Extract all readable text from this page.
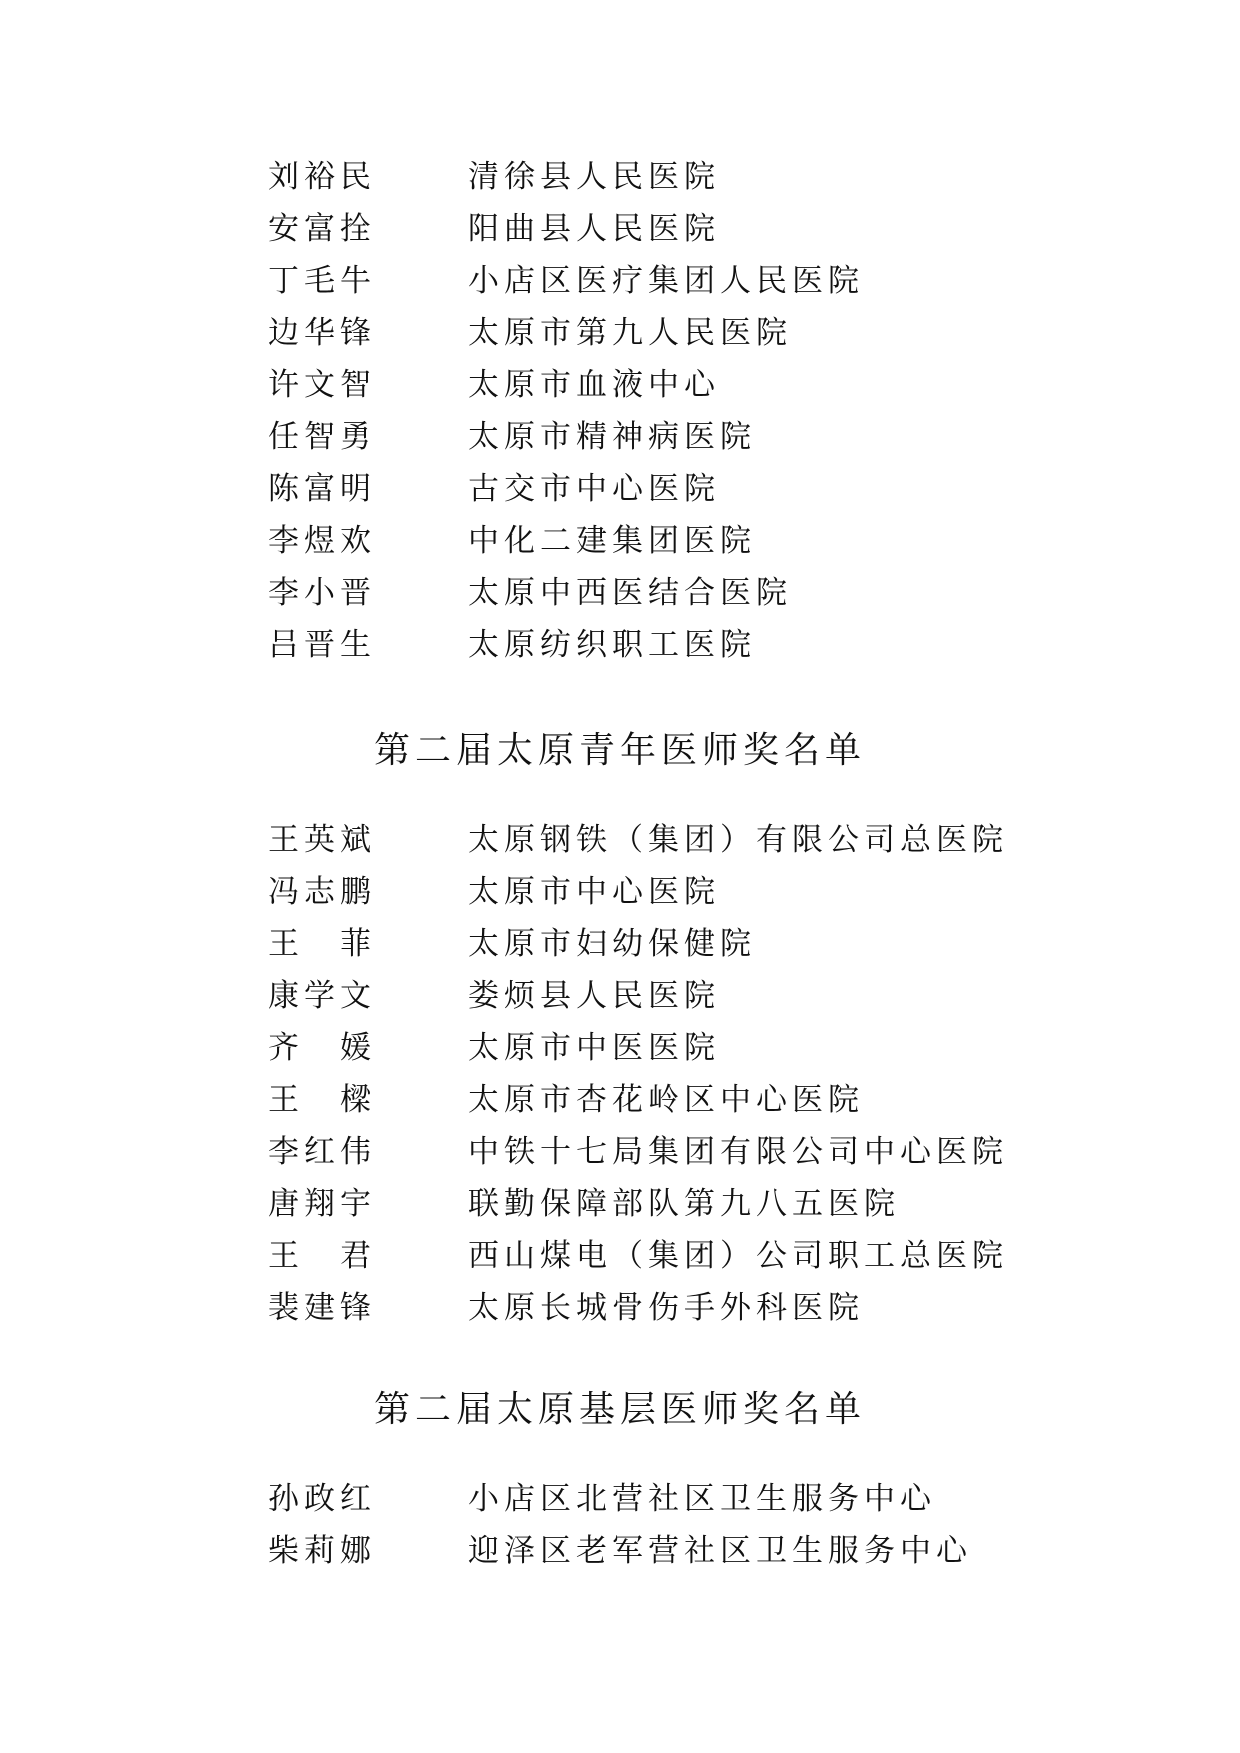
刘裕民	清徐县人民医院
安富拴	阳曲县人民医院
丁毛牛	小店区医疗集团人民医院
边华锋	太原市第九人民医院
许文智	太原市血液中心
任智勇	太原市精神病医院
陈富明	古交市中心医院
李煜欢	中化二建集团医院
李小晋	太原中西医结合医院
吕晋生	太原纺织职工医院
第二届太原青年医师奖名单
王英斌	太原钢铁（集团）有限公司总医院
冯志鹏	太原市中心医院
王　菲	太原市妇幼保健院
康学文	娄烦县人民医院
齐　媛	太原市中医医院
王　樑	太原市杏花岭区中心医院
李红伟	中铁十七局集团有限公司中心医院
唐翔宇	联勤保障部队第九八五医院
王　君	西山煤电（集团）公司职工总医院
裴建锋	太原长城骨伤手外科医院
第二届太原基层医师奖名单
孙政红	小店区北营社区卫生服务中心
柴莉娜	迎泽区老军营社区卫生服务中心
